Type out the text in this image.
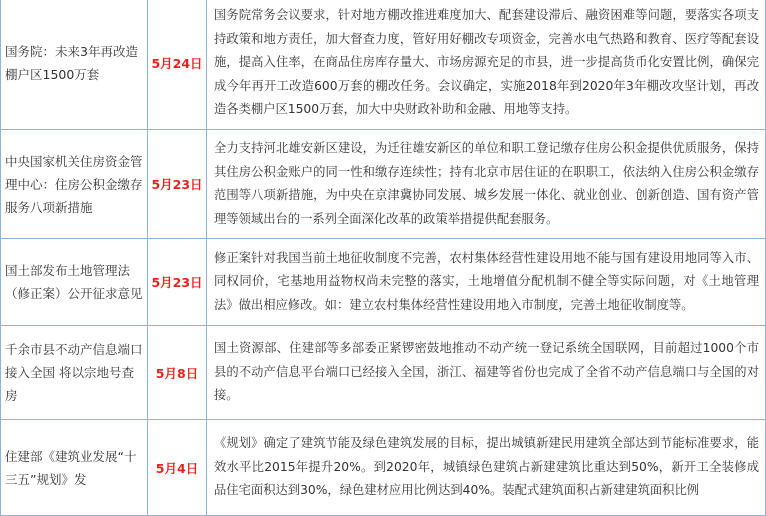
国务院：未来3年再改造棚户区1500万套	5月24日	国务院常务会议要求，针对地方棚改推进难度加大、配套建设滞后、融资困难等问题，要落实各项支持政策和地方责任，加大督查力度，管好用好棚改专项资金，完善水电气热路和教育、医疗等配套设施，提高入住率，在商品住房库存量大、市场房源充足的市县，进一步提高货币化安置比例，确保完成今年再开工改造600万套的棚改任务。会议确定，实施2018年到2020年3年棚改攻坚计划，再改造各类棚户区1500万套，加大中央财政补助和金融、用地等支持。
中央国家机关住房资金管理中心：住房公积金缴存服务八项新措施	5月23日	全力支持河北雄安新区建设，为迁往雄安新区的单位和职工登记缴存住房公积金提供优质服务，保持其住房公积金账户的同一性和缴存连续性；持有北京市居住证的在职职工，依法纳入住房公积金缴存范围等八项新措施，为中央在京津冀协同发展、城乡发展一体化、就业创业、创新创造、国有资产管理等领域出台的一系列全面深化改革的政策举措提供配套服务。
国土部发布土地管理法（修正案）公开征求意见	5月23日	修正案针对我国当前土地征收制度不完善，农村集体经营性建设用地不能与国有建设用地同等入市、同权同价，宅基地用益物权尚未完整的落实，土地增值分配机制不健全等实际问题，对《土地管理法》做出相应修改。如：建立农村集体经营性建设用地入市制度，完善土地征收制度等。
千余市县不动产信息端口接入全国 将以宗地号查房	5月8日	国土资源部、住建部等多部委正紧锣密鼓地推动不动产统一登记系统全国联网，目前超过1000个市县的不动产信息平台端口已经接入全国，浙江、福建等省份也完成了全省不动产信息端口与全国的对接。
住建部《建筑业发展“十三五”规划》发	5月4日	《规划》确定了建筑节能及绿色建筑发展的目标，提出城镇新建民用建筑全部达到节能标准要求，能效水平比2015年提升20%。到2020年，城镇绿色建筑占新建建筑比重达到50%，新开工全装修成品住宅面积达到30%，绿色建材应用比例达到40%。装配式建筑面积占新建建筑面积比例
